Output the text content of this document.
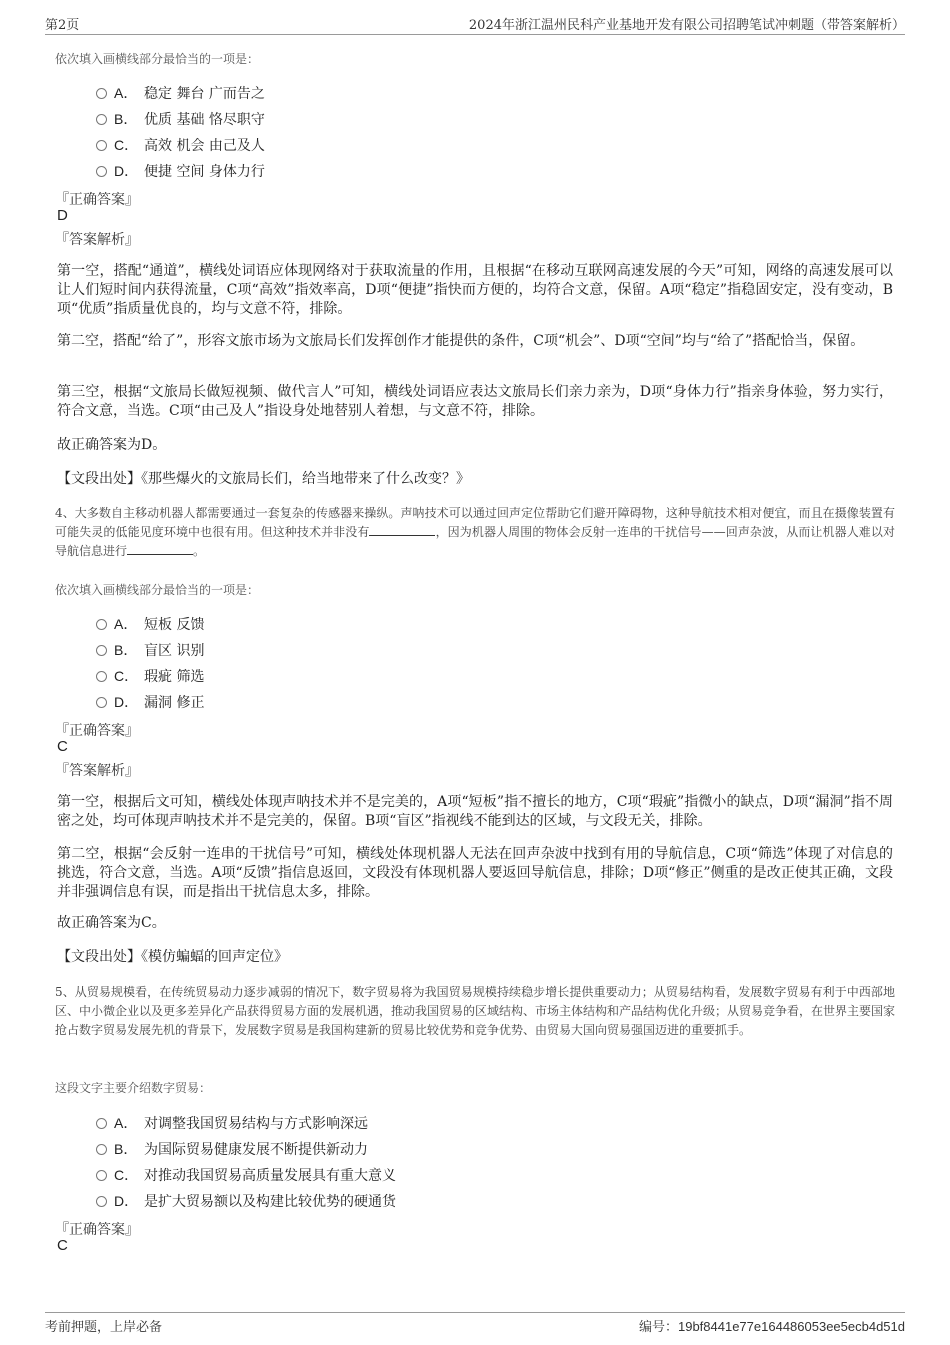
第2页	2024年浙江温州民科产业基地开发有限公司招聘笔试冲刺题（带答案解析）
依次填入画横线部分最恰当的一项是：
A． 稳定 舞台 广而告之
B． 优质 基础 恪尽职守
C． 高效 机会 由己及人
D． 便捷 空间 身体力行
『正确答案』
D
『答案解析』
第一空，搭配“通道”，横线处词语应体现网络对于获取流量的作用，且根据“在移动互联网高速发展的今天”可知，网络的高速发展可以让人们短时间内获得流量，C项“高效”指效率高，D项“便捷”指快而方便的，均符合文意，保留。A项“稳定”指稳固安定，没有变动，B项“优质”指质量优良的，均与文意不符，排除。
第二空，搭配“给了”，形容文旅市场为文旅局长们发挥创作才能提供的条件，C项“机会”、D项“空间”均与“给了”搭配恰当，保留。
第三空，根据“文旅局长做短视频、做代言人”可知，横线处词语应表达文旅局长们亲力亲为，D项“身体力行”指亲身体验，努力实行，符合文意，当选。C项“由己及人”指设身处地替别人着想，与文意不符，排除。
故正确答案为D。
【文段出处】《那些爆火的文旅局长们，给当地带来了什么改变？》
4、大多数自主移动机器人都需要通过一套复杂的传感器来操纵。声呐技术可以通过回声定位帮助它们避开障碍物，这种导航技术相对便宜，而且在摄像装置有可能失灵的低能见度环境中也很有用。但这种技术并非没有	，因为机器人周围的物体会反射一连串的干扰信号——回声杂波，从而让机器人难以对导航信息进行	。
依次填入画横线部分最恰当的一项是：
A． 短板 反馈
B． 盲区 识别
C． 瑕疵 筛选
D． 漏洞 修正
『正确答案』
C
『答案解析』
第一空，根据后文可知，横线处体现声呐技术并不是完美的，A项“短板”指不擅长的地方，C项“瑕疵”指微小的缺点，D项“漏洞”指不周密之处，均可体现声呐技术并不是完美的，保留。B项“盲区”指视线不能到达的区域，与文段无关，排除。
第二空，根据“会反射一连串的干扰信号”可知，横线处体现机器人无法在回声杂波中找到有用的导航信息，C项“筛选”体现了对信息的挑选，符合文意，当选。A项“反馈”指信息返回，文段没有体现机器人要返回导航信息，排除；D项“修正”侧重的是改正使其正确，文段并非强调信息有误，而是指出干扰信息太多，排除。
故正确答案为C。
【文段出处】《模仿蝙蝠的回声定位》
5、从贸易规模看，在传统贸易动力逐步减弱的情况下，数字贸易将为我国贸易规模持续稳步增长提供重要动力；从贸易结构看，发展数字贸易有利于中西部地区、中小微企业以及更多差异化产品获得贸易方面的发展机遇，推动我国贸易的区域结构、市场主体结构和产品结构优化升级；从贸易竞争看，在世界主要国家抢占数字贸易发展先机的背景下，发展数字贸易是我国构建新的贸易比较优势和竞争优势、由贸易大国向贸易强国迈进的重要抓手。
这段文字主要介绍数字贸易：
A． 对调整我国贸易结构与方式影响深远
B． 为国际贸易健康发展不断提供新动力
C． 对推动我国贸易高质量发展具有重大意义
D． 是扩大贸易额以及构建比较优势的硬通货
『正确答案』
C
考前押题，上岸必备	编号：19bf8441e77e164486053ee5ecb4d51d
